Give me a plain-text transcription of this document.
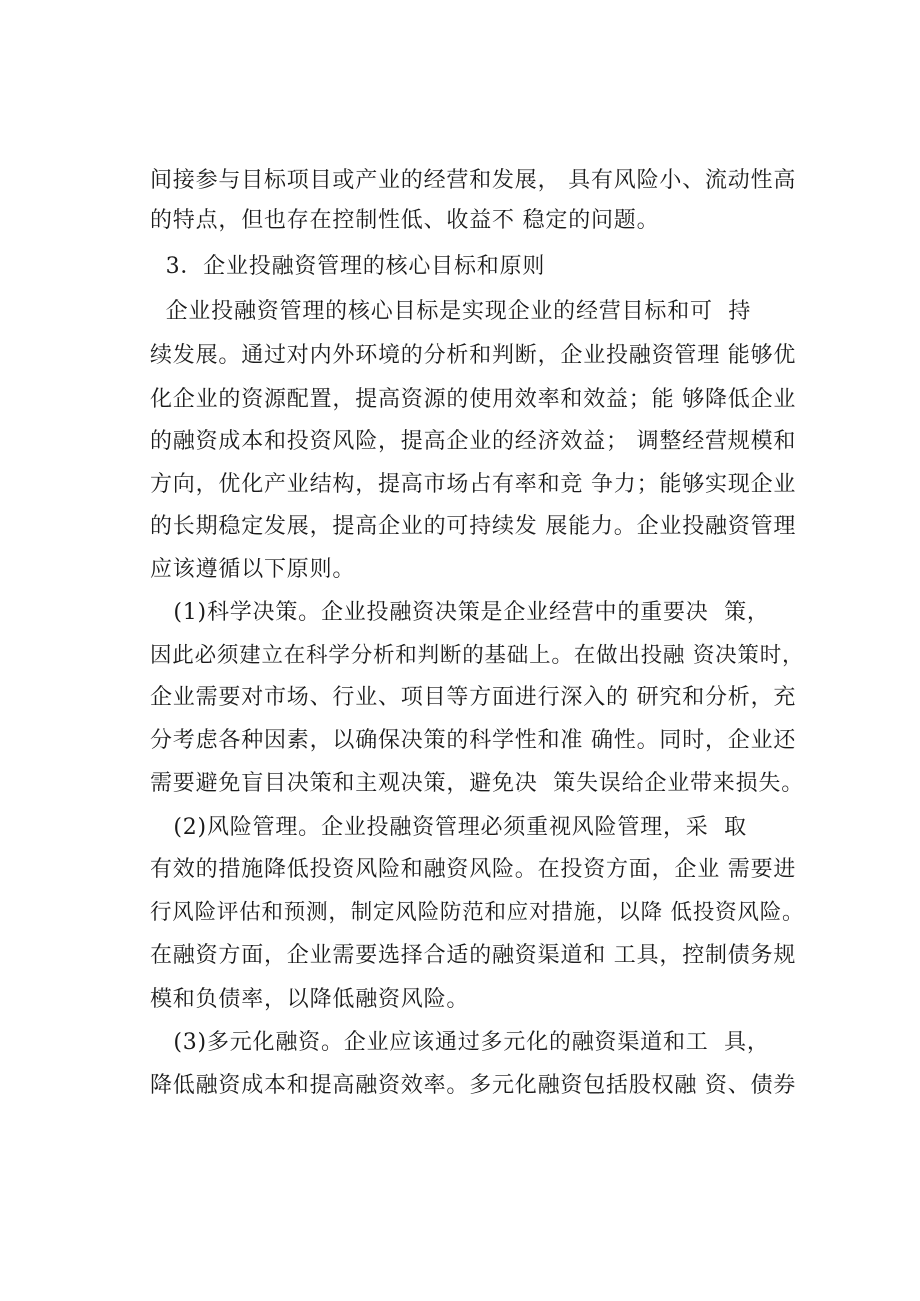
间接参与目标项目或产业的经营和发展， 具有风险小、流动性高
的特点，但也存在控制性低、收益不 稳定的问题。
3．企业投融资管理的核心目标和原则
企业投融资管理的核心目标是实现企业的经营目标和可  持
续发展。通过对内外环境的分析和判断，企业投融资管理 能够优
化企业的资源配置，提高资源的使用效率和效益；能 够降低企业
的融资成本和投资风险，提高企业的经济效益； 调整经营规模和
方向，优化产业结构，提高市场占有率和竞 争力；能够实现企业
的长期稳定发展，提高企业的可持续发 展能力。企业投融资管理
应该遵循以下原则。
(1)科学决策。企业投融资决策是企业经营中的重要决  策，
因此必须建立在科学分析和判断的基础上。在做出投融 资决策时，
企业需要对市场、行业、项目等方面进行深入的 研究和分析，充
分考虑各种因素，以确保决策的科学性和准 确性。同时，企业还
需要避免盲目决策和主观决策，避免决  策失误给企业带来损失。
(2)风险管理。企业投融资管理必须重视风险管理，采  取
有效的措施降低投资风险和融资风险。在投资方面，企业 需要进
行风险评估和预测，制定风险防范和应对措施，以降 低投资风险。
在融资方面，企业需要选择合适的融资渠道和 工具，控制债务规
模和负债率，以降低融资风险。
(3)多元化融资。企业应该通过多元化的融资渠道和工  具，
降低融资成本和提高融资效率。多元化融资包括股权融 资、债券
